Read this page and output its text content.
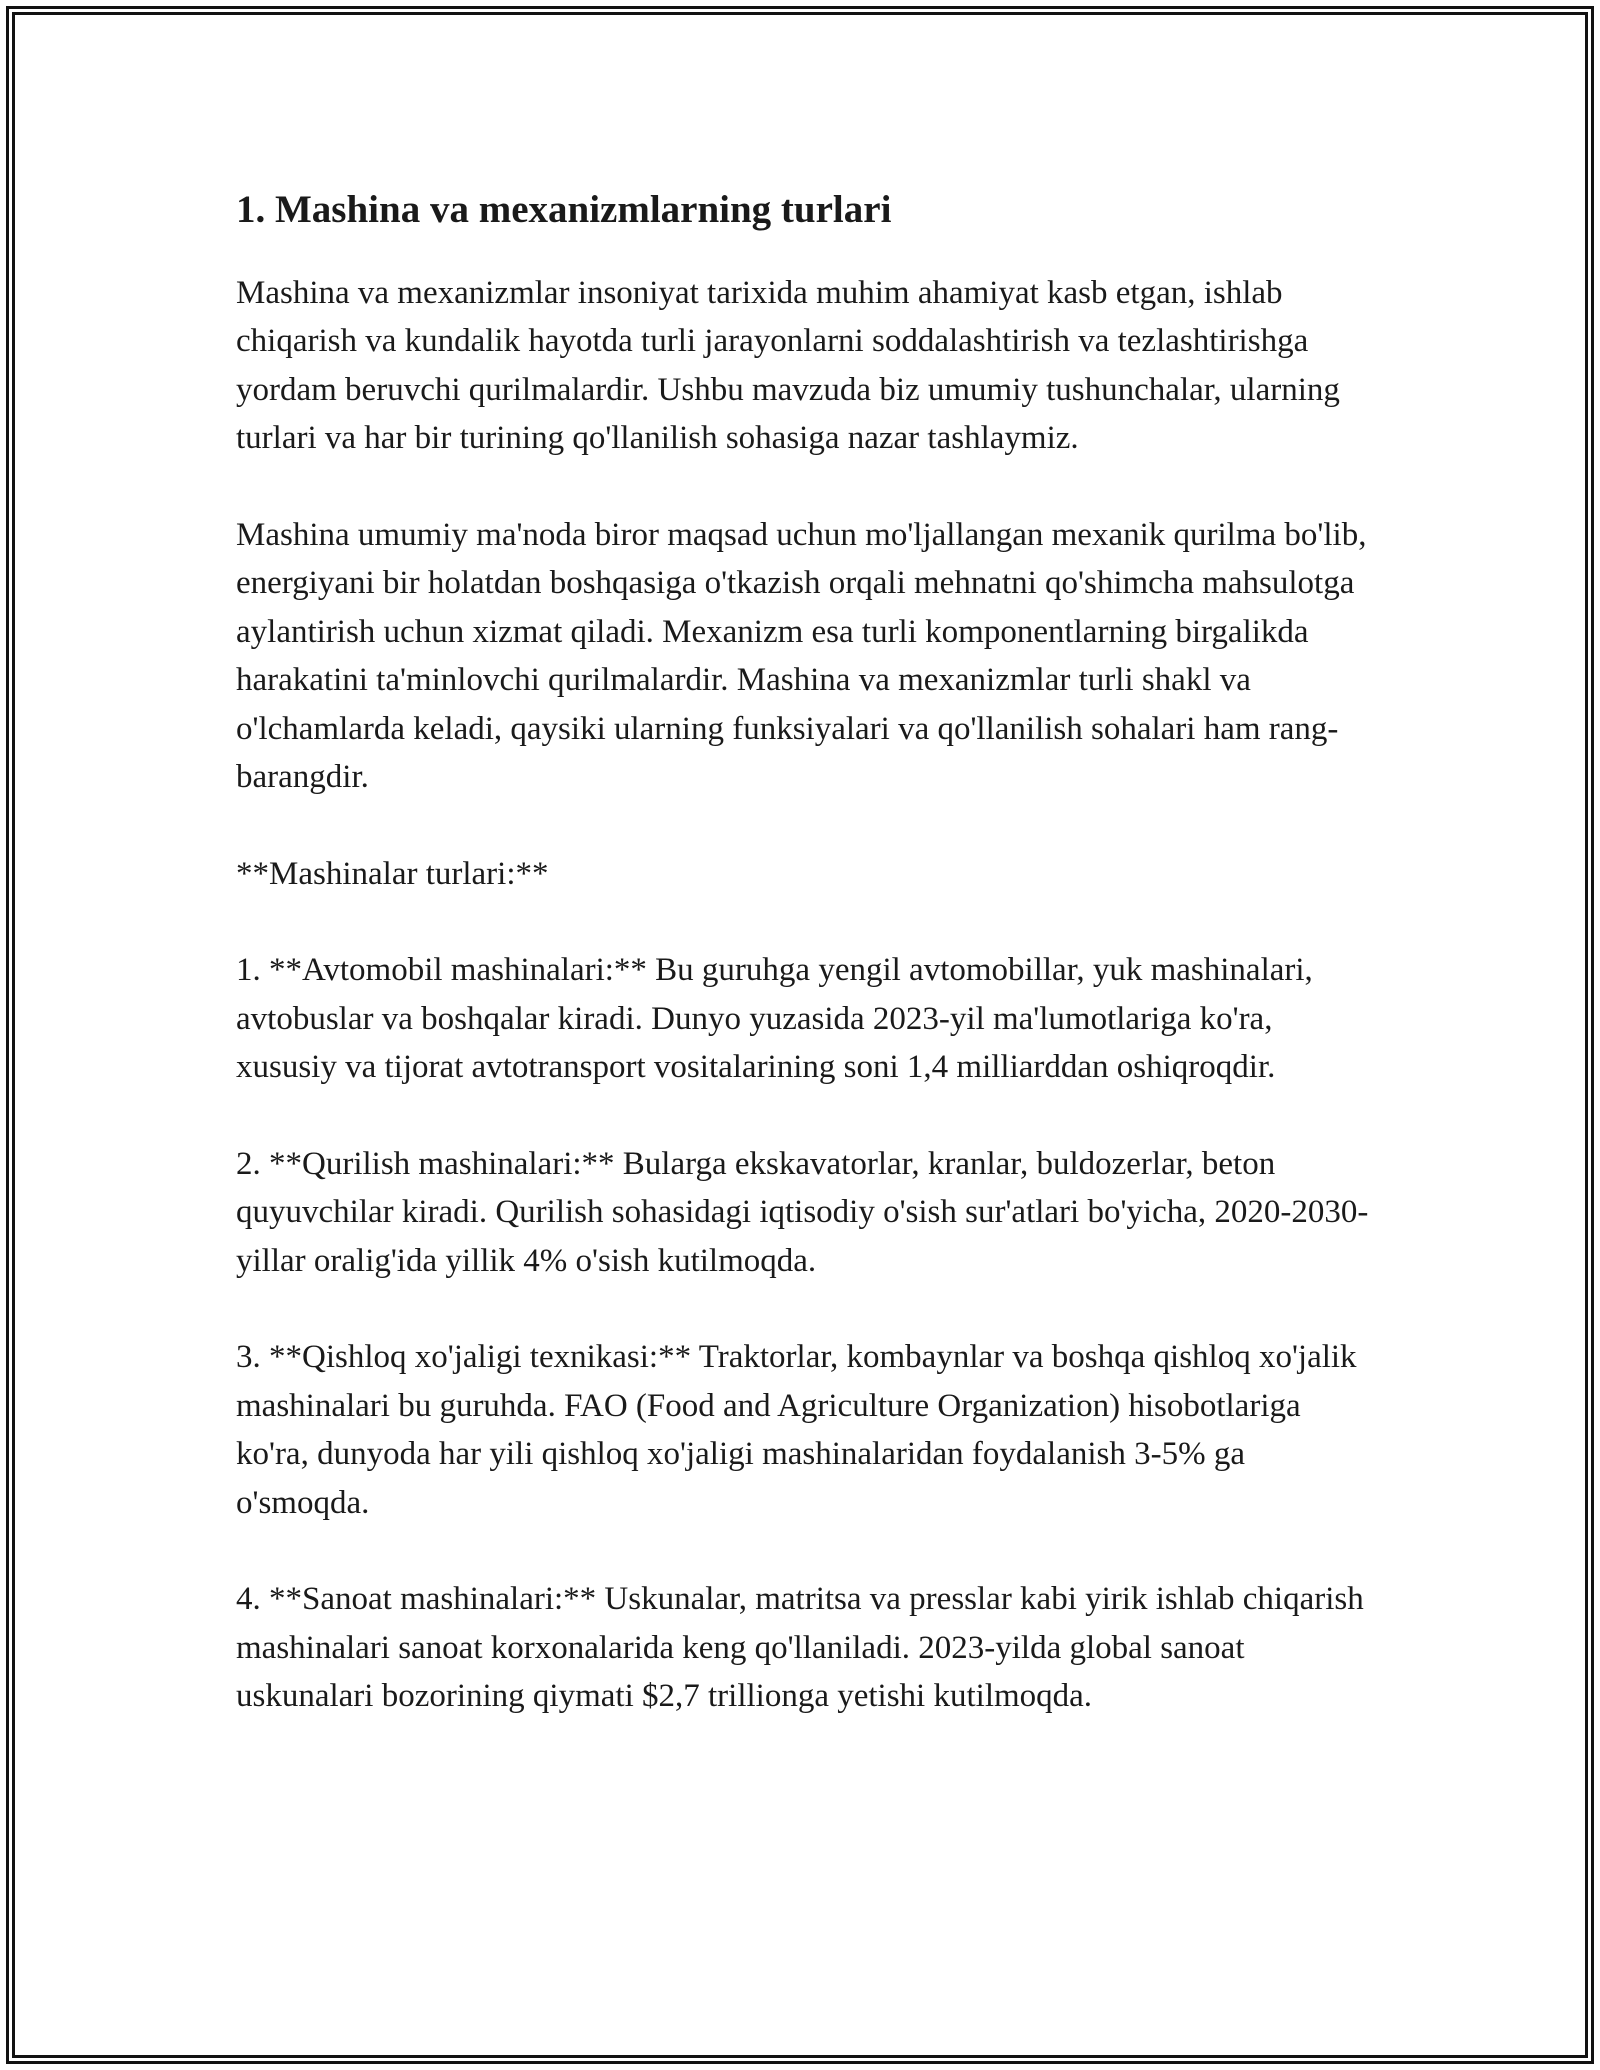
1. Mashina va mexanizmlarning turlari

Mashina va mexanizmlar insoniyat tarixida muhim ahamiyat kasb etgan, ishlab chiqarish va kundalik hayotda turli jarayonlarni soddalashtirish va tezlashtirishga yordam beruvchi qurilmalardir. Ushbu mavzuda biz umumiy tushunchalar, ularning turlari va har bir turining qo'llanilish sohasiga nazar tashlaymiz.

Mashina umumiy ma'noda biror maqsad uchun mo'ljallangan mexanik qurilma bo'lib, energiyani bir holatdan boshqasiga o'tkazish orqali mehnatni qo'shimcha mahsulotga aylantirish uchun xizmat qiladi. Mexanizm esa turli komponentlarning birgalikda harakatini ta'minlovchi qurilmalardir. Mashina va mexanizmlar turli shakl va o'lchamlarda keladi, qaysiki ularning funksiyalari va qo'llanilish sohalari ham rang-barangdir.

**Mashinalar turlari:**

1. **Avtomobil mashinalari:** Bu guruhga yengil avtomobillar, yuk mashinalari, avtobuslar va boshqalar kiradi. Dunyo yuzasida 2023-yil ma'lumotlariga ko'ra, xususiy va tijorat avtotransport vositalarining soni 1,4 milliarddan oshiqroqdir.

2. **Qurilish mashinalari:** Bularga ekskavatorlar, kranlar, buldozerlar, beton quyuvchilar kiradi. Qurilish sohasidagi iqtisodiy o'sish sur'atlari bo'yicha, 2020-2030-yillar oralig'ida yillik 4% o'sish kutilmoqda.

3. **Qishloq xo'jaligi texnikasi:** Traktorlar, kombaynlar va boshqa qishloq xo'jalik mashinalari bu guruhda. FAO (Food and Agriculture Organization) hisobotlariga ko'ra, dunyoda har yili qishloq xo'jaligi mashinalaridan foydalanish 3-5% ga o'smoqda.

4. **Sanoat mashinalari:** Uskunalar, matritsa va presslar kabi yirik ishlab chiqarish mashinalari sanoat korxonalarida keng qo'llaniladi. 2023-yilda global sanoat uskunalari bozorining qiymati $2,7 trillionga yetishi kutilmoqda.
